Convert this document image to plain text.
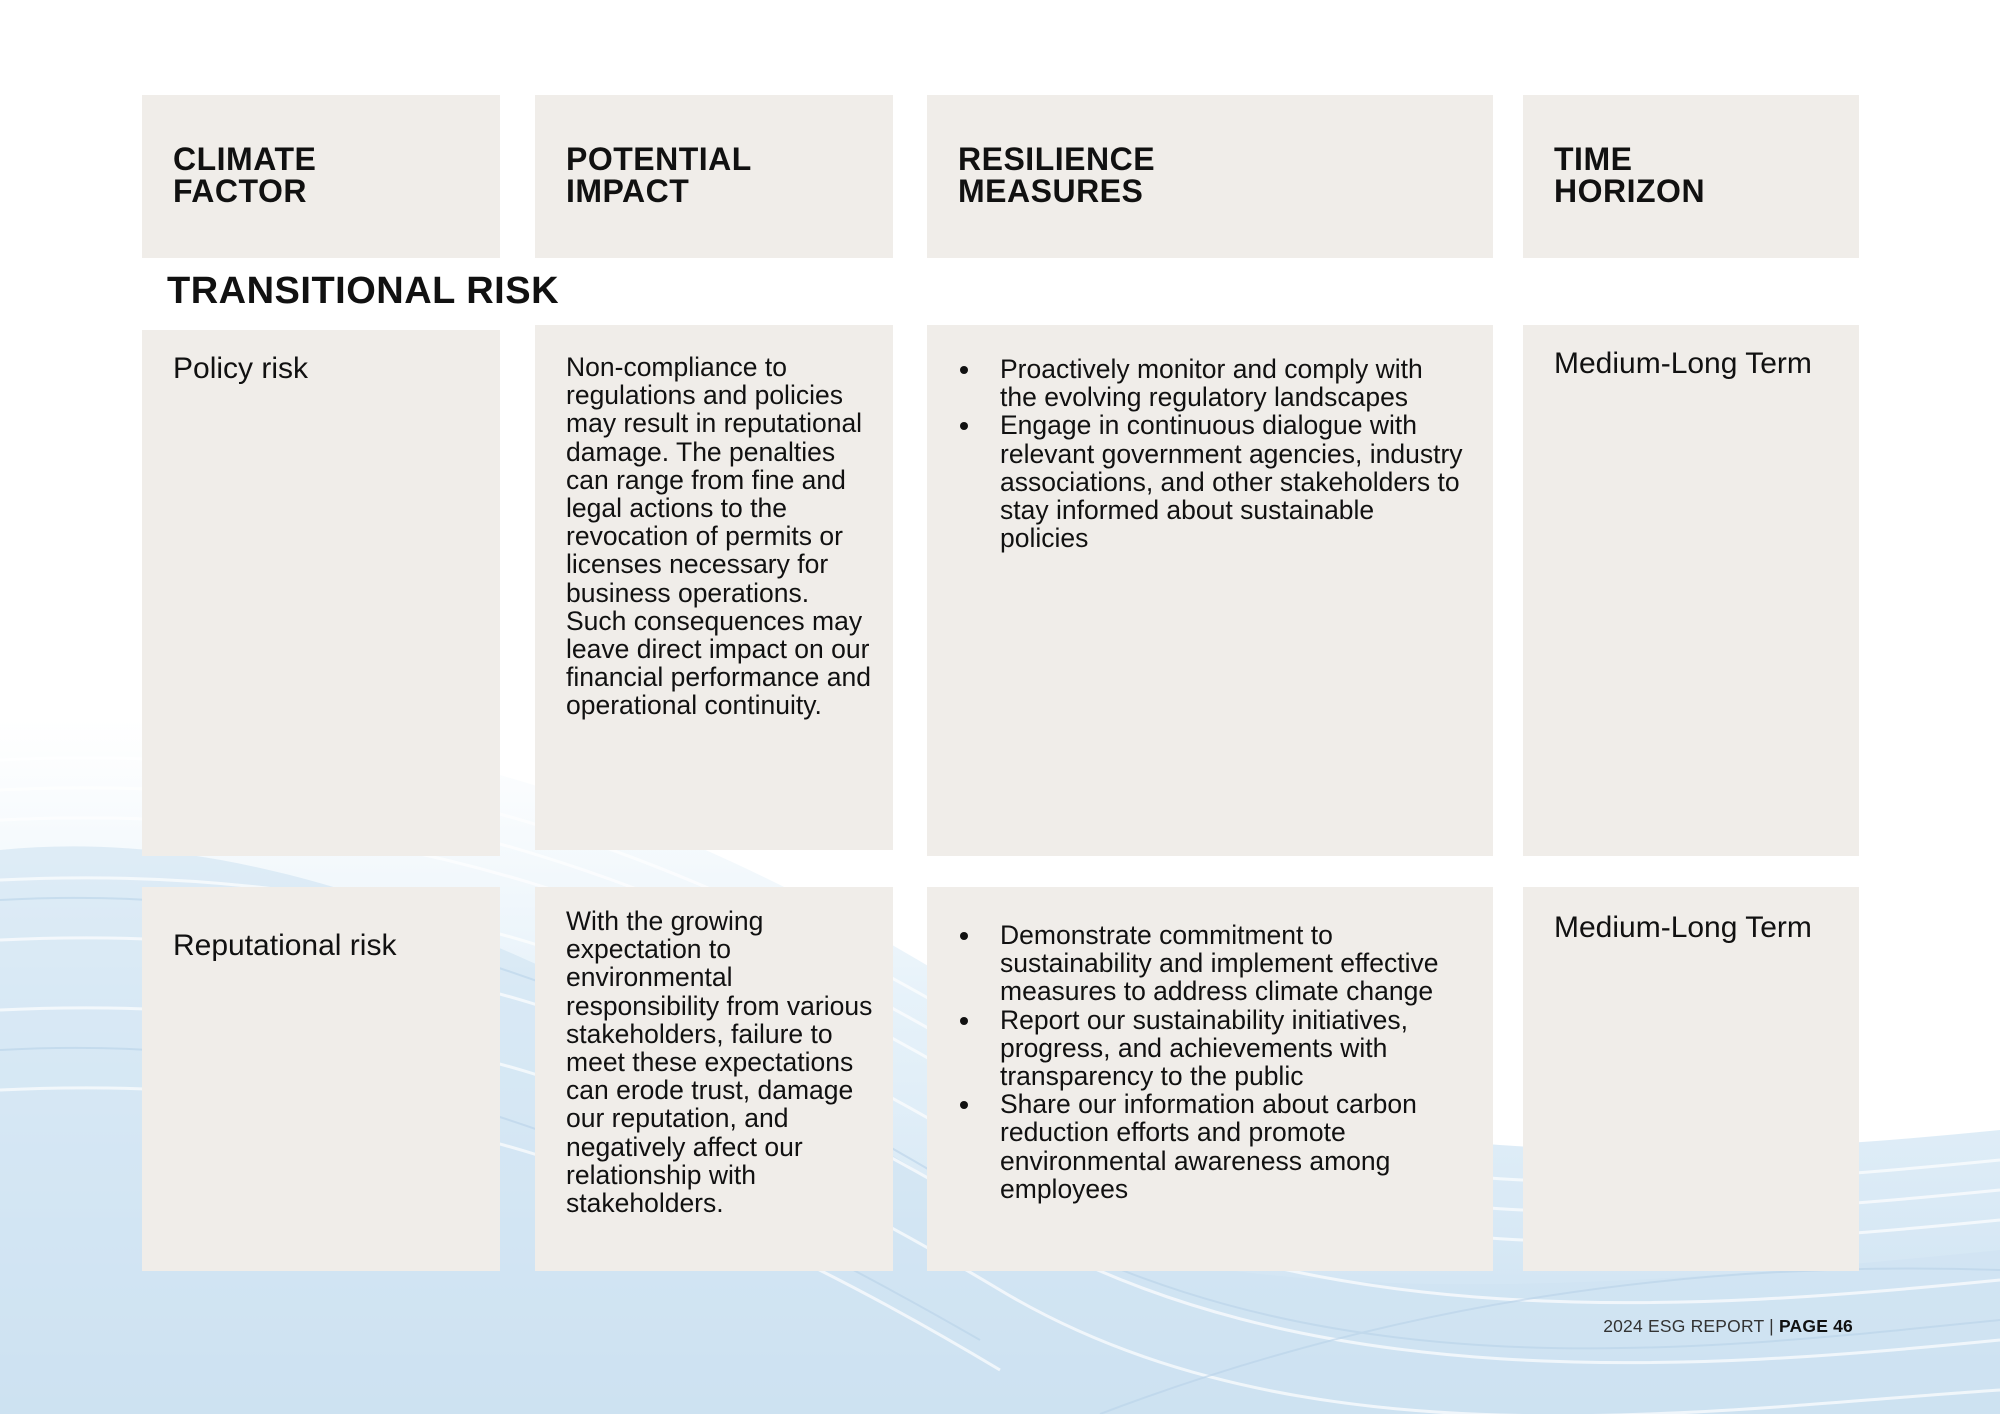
CLIMATE
FACTOR
POTENTIAL
IMPACT
RESILIENCE
MEASURES
TIME
HORIZON
TRANSITIONAL RISK
Policy risk	Non-compliance to regulations and policies may result in reputational damage. The penalties can range from fine and legal actions to the revocation of permits or licenses necessary for business operations. Such consequences may leave direct impact on our financial performance and operational continuity.
Proactively monitor and comply with the evolving regulatory landscapes
Engage in continuous dialogue with relevant government agencies, industry associations, and other stakeholders to stay informed about sustainable policies
Medium-Long Term
Reputational risk
With the growing expectation to environmental responsibility from various stakeholders, failure to meet these expectations can erode trust, damage our reputation, and negatively affect our relationship with stakeholders.
Demonstrate commitment to sustainability and implement effective measures to address climate change
Report our sustainability initiatives, progress, and achievements with transparency to the public
Share our information about carbon reduction efforts and promote environmental awareness among employees
Medium-Long Term
2024 ESG REPORT | PAGE 46
